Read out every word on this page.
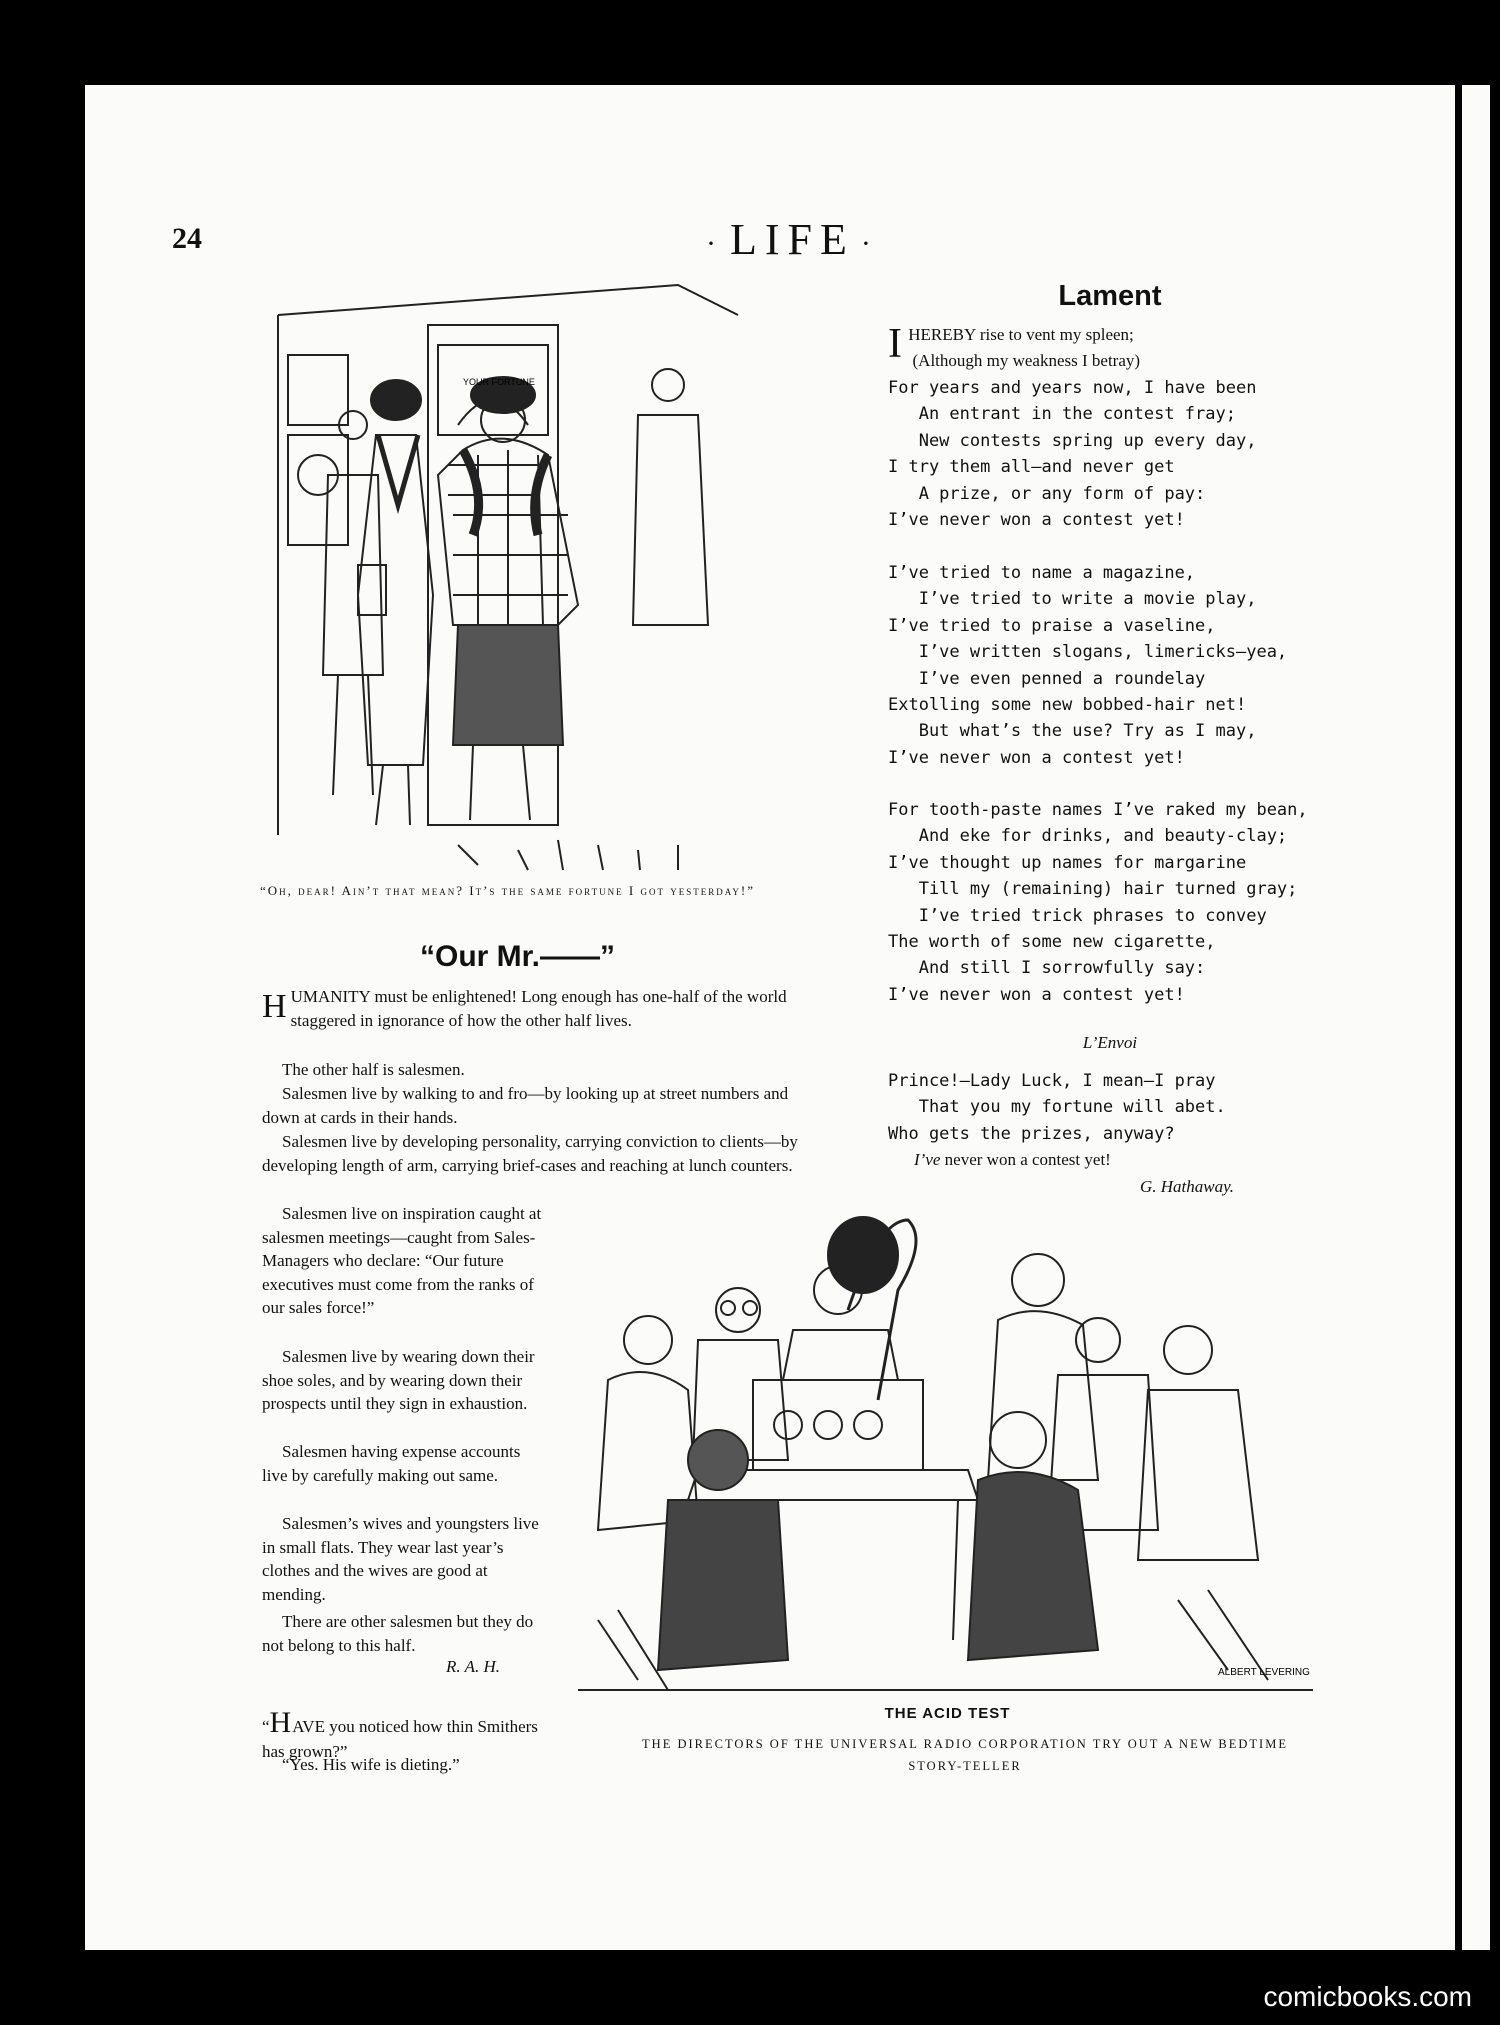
24	· LIFE ·
YOUR FORTUNE
“Oh, dear! Ain’t that mean? It’s the same fortune I got yesterday!”
“Our Mr.——”

HUMANITY must be enlightened! Long enough has one-half of the world staggered in ignorance of how the other half lives.

The other half is salesmen.

Salesmen live by walking to and fro—by looking up at street numbers and down at cards in their hands.

Salesmen live by developing personality, carrying conviction to clients—by developing length of arm, carrying brief-cases and reaching at lunch counters.

Salesmen live on inspiration caught at salesmen meetings—caught from Sales-Managers who declare: “Our future executives must come from the ranks of our sales force!”

Salesmen live by wearing down their shoe soles, and by wearing down their prospects until they sign in exhaustion.

Salesmen having expense accounts live by carefully making out same.

Salesmen’s wives and youngsters live in small flats. They wear last year’s clothes and the wives are good at mending.

There are other salesmen but they do not belong to this half.

R. A. H.

“HAVE you noticed how thin Smithers has grown?”

“Yes. His wife is dieting.”

Lament
I HEREBY rise to vent my spleen;
(Although my weakness I betray)
For years and years now, I have been
An entrant in the contest fray;
New contests spring up every day,
I try them all—and never get
A prize, or any form of pay:
I’ve never won a contest yet!
I’ve tried to name a magazine,
I’ve tried to write a movie play,
I’ve tried to praise a vaseline,
I’ve written slogans, limericks—yea,
I’ve even penned a roundelay
Extolling some new bobbed-hair net!
But what’s the use? Try as I may,
I’ve never won a contest yet!
For tooth-paste names I’ve raked my bean,
And eke for drinks, and beauty-clay;
I’ve thought up names for margarine
Till my (remaining) hair turned gray;
I’ve tried trick phrases to convey
The worth of some new cigarette,
And still I sorrowfully say:
I’ve never won a contest yet!
L’Envoi
Prince!—Lady Luck, I mean—I pray
That you my fortune will abet.
Who gets the prizes, anyway?
I’ve never won a contest yet!
G. Hathaway.
ALBERT LEVERING
THE ACID TEST
THE DIRECTORS OF THE UNIVERSAL RADIO CORPORATION TRY OUT A NEW BEDTIME STORY-TELLER
comicbooks.com
